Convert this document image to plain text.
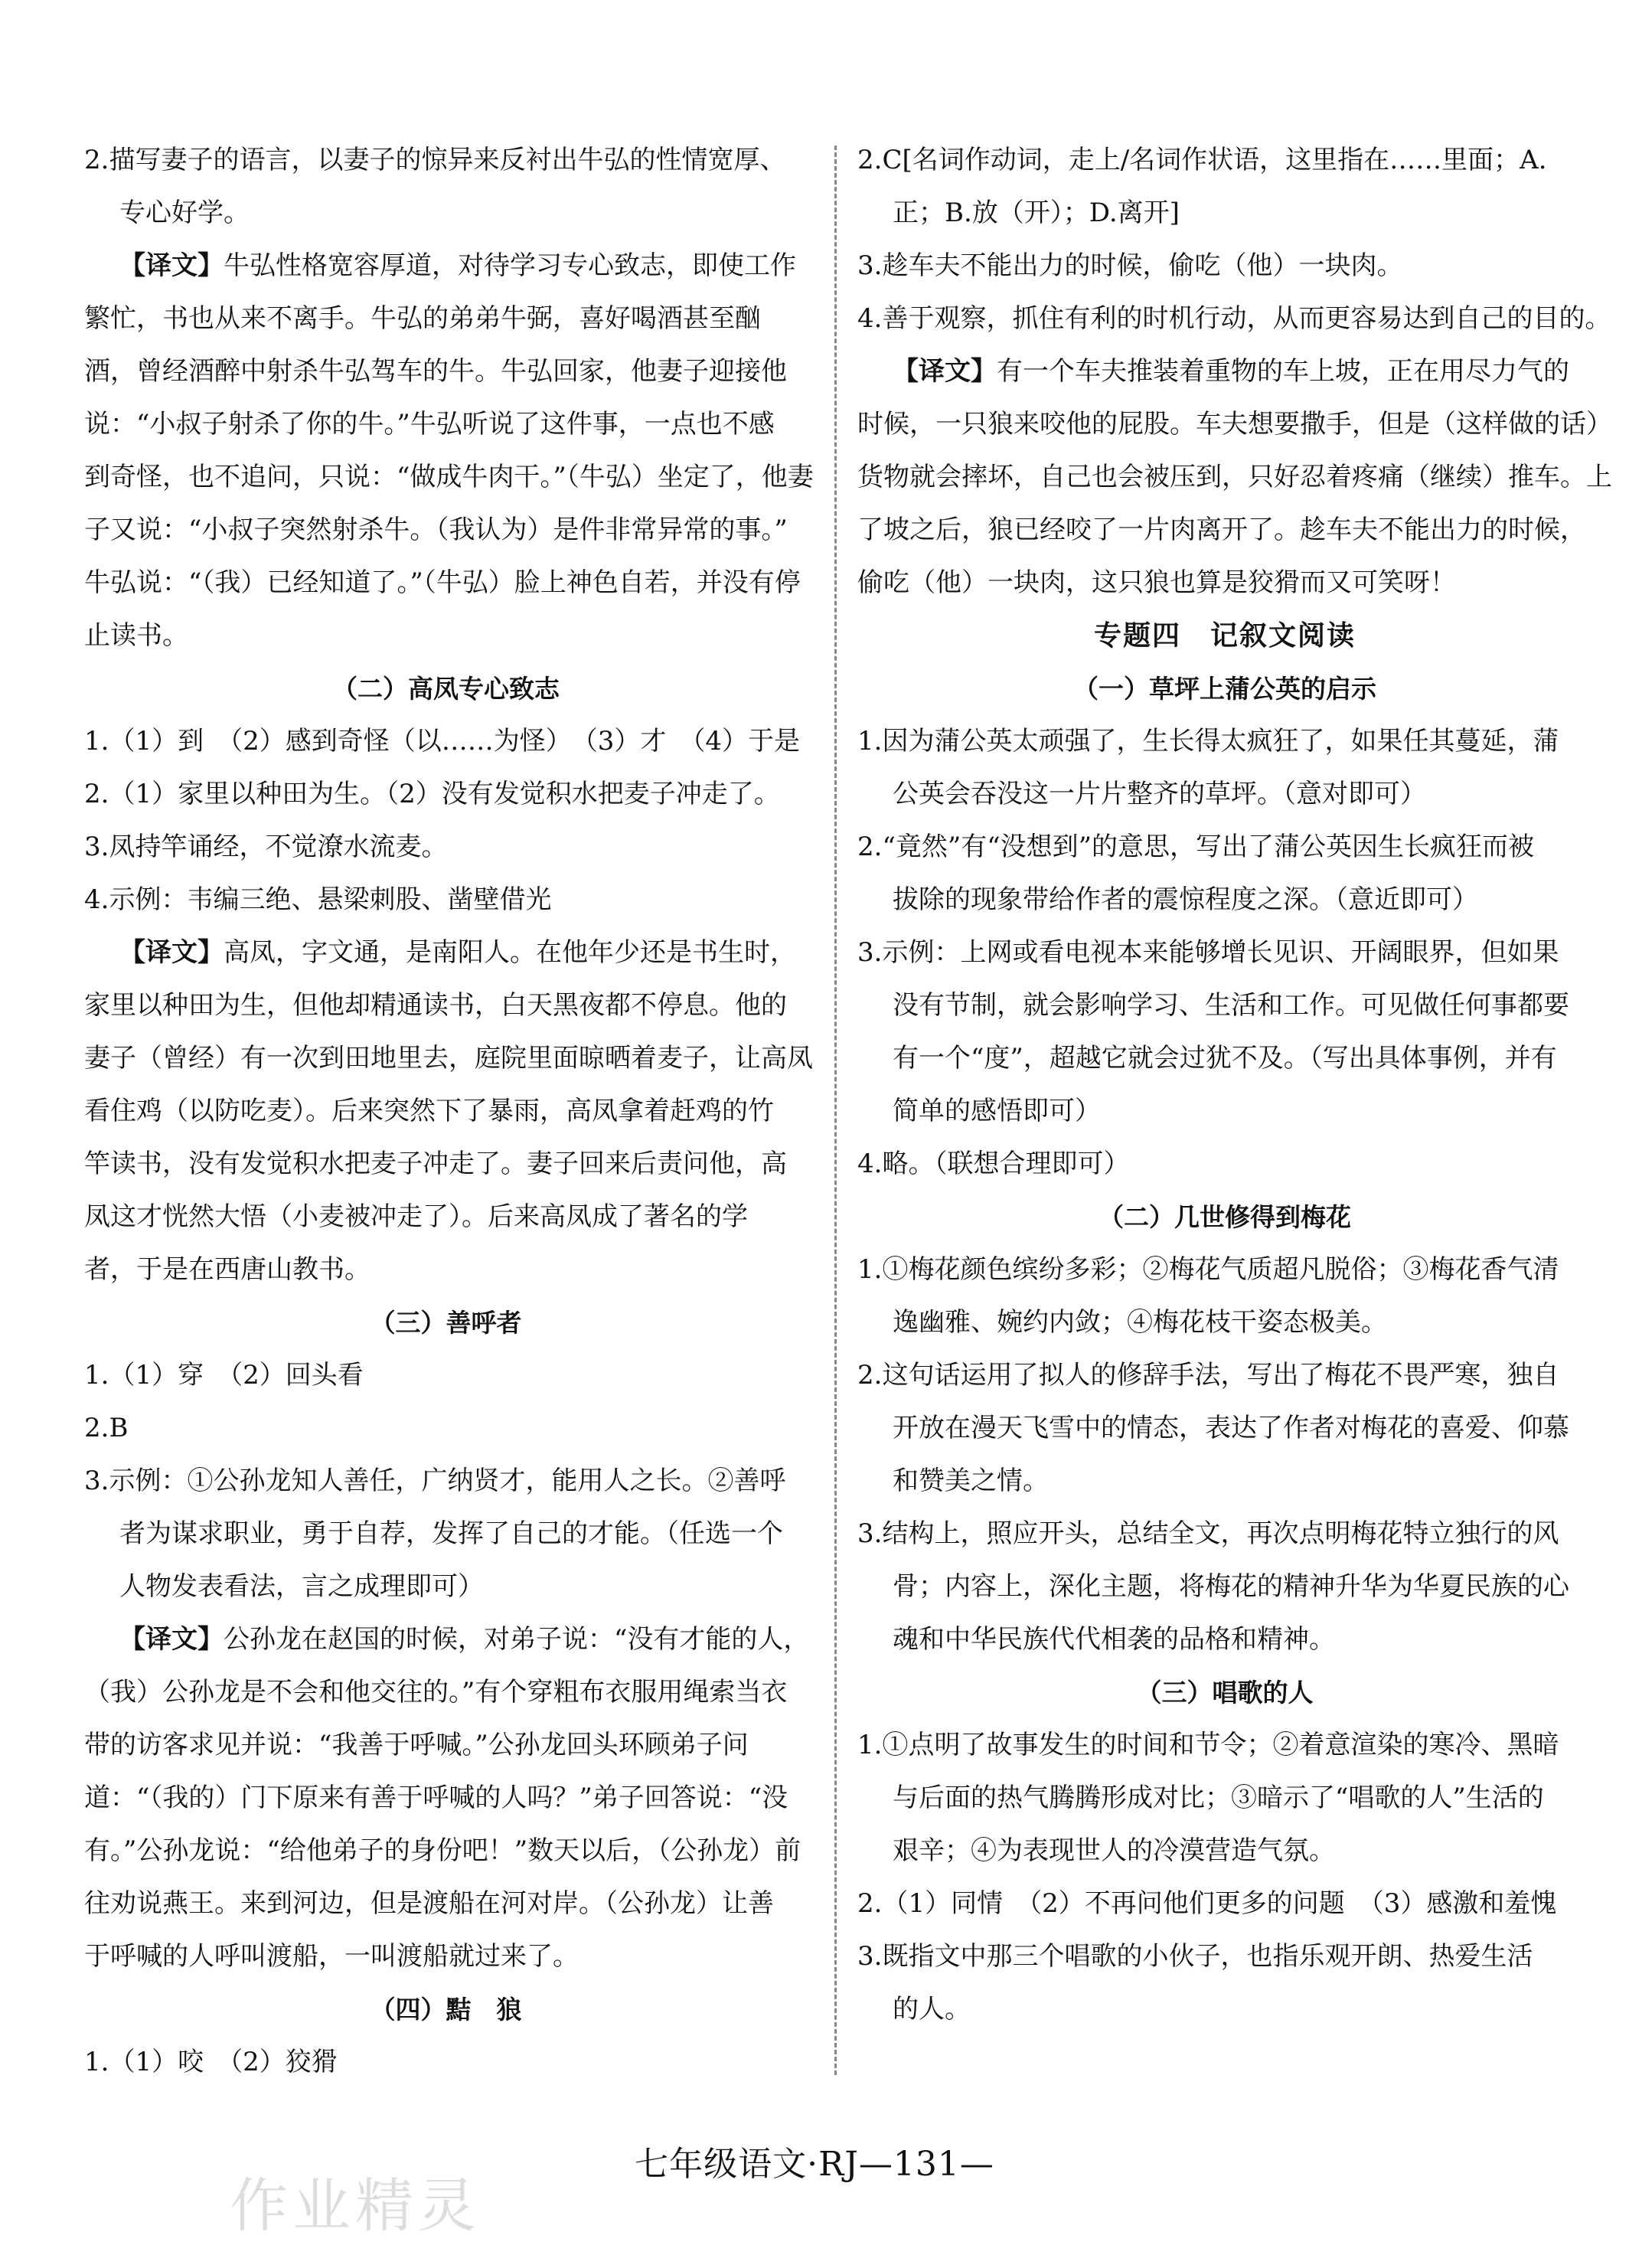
2.描写妻子的语言，以妻子的惊异来反衬出牛弘的性情宽厚、
专心好学。
【译文】牛弘性格宽容厚道，对待学习专心致志，即使工作
繁忙，书也从来不离手。牛弘的弟弟牛弼，喜好喝酒甚至酗
酒，曾经酒醉中射杀牛弘驾车的牛。牛弘回家，他妻子迎接他
说：“小叔子射杀了你的牛。”牛弘听说了这件事，一点也不感
到奇怪，也不追问，只说：“做成牛肉干。”（牛弘）坐定了，他妻
子又说：“小叔子突然射杀牛。（我认为）是件非常异常的事。”
牛弘说：“（我）已经知道了。”（牛弘）脸上神色自若，并没有停
止读书。
（二）高凤专心致志
1.（1）到　（2）感到奇怪（以……为怪）　（3）才　（4）于是
2.（1）家里以种田为生。（2）没有发觉积水把麦子冲走了。
3.凤持竿诵经，不觉潦水流麦。
4.示例：韦编三绝、悬梁刺股、凿壁借光
【译文】高凤，字文通，是南阳人。在他年少还是书生时，
家里以种田为生，但他却精通读书，白天黑夜都不停息。他的
妻子（曾经）有一次到田地里去，庭院里面晾晒着麦子，让高凤
看住鸡（以防吃麦）。后来突然下了暴雨，高凤拿着赶鸡的竹
竿读书，没有发觉积水把麦子冲走了。妻子回来后责问他，高
凤这才恍然大悟（小麦被冲走了）。后来高凤成了著名的学
者，于是在西唐山教书。
（三）善呼者
1.（1）穿　（2）回头看
2.B
3.示例：①公孙龙知人善任，广纳贤才，能用人之长。②善呼
者为谋求职业，勇于自荐，发挥了自己的才能。（任选一个
人物发表看法，言之成理即可）
【译文】公孙龙在赵国的时候，对弟子说：“没有才能的人，
（我）公孙龙是不会和他交往的。”有个穿粗布衣服用绳索当衣
带的访客求见并说：“我善于呼喊。”公孙龙回头环顾弟子问
道：“（我的）门下原来有善于呼喊的人吗？”弟子回答说：“没
有。”公孙龙说：“给他弟子的身份吧！”数天以后，（公孙龙）前
往劝说燕王。来到河边，但是渡船在河对岸。（公孙龙）让善
于呼喊的人呼叫渡船，一叫渡船就过来了。
（四）黠　狼
1.（1）咬　（2）狡猾
2.C[名词作动词，走上/名词作状语，这里指在……里面；A.
正；B.放（开）；D.离开]
3.趁车夫不能出力的时候，偷吃（他）一块肉。
4.善于观察，抓住有利的时机行动，从而更容易达到自己的目的。
【译文】有一个车夫推装着重物的车上坡，正在用尽力气的
时候，一只狼来咬他的屁股。车夫想要撒手，但是（这样做的话）
货物就会摔坏，自己也会被压到，只好忍着疼痛（继续）推车。上
了坡之后，狼已经咬了一片肉离开了。趁车夫不能出力的时候，
偷吃（他）一块肉，这只狼也算是狡猾而又可笑呀！
专题四　记叙文阅读
（一）草坪上蒲公英的启示
1.因为蒲公英太顽强了，生长得太疯狂了，如果任其蔓延，蒲
公英会吞没这一片片整齐的草坪。（意对即可）
2.“竟然”有“没想到”的意思，写出了蒲公英因生长疯狂而被
拔除的现象带给作者的震惊程度之深。（意近即可）
3.示例：上网或看电视本来能够增长见识、开阔眼界，但如果
没有节制，就会影响学习、生活和工作。可见做任何事都要
有一个“度”，超越它就会过犹不及。（写出具体事例，并有
简单的感悟即可）
4.略。（联想合理即可）
（二）几世修得到梅花
1.①梅花颜色缤纷多彩；②梅花气质超凡脱俗；③梅花香气清
逸幽雅、婉约内敛；④梅花枝干姿态极美。
2.这句话运用了拟人的修辞手法，写出了梅花不畏严寒，独自
开放在漫天飞雪中的情态，表达了作者对梅花的喜爱、仰慕
和赞美之情。
3.结构上，照应开头，总结全文，再次点明梅花特立独行的风
骨；内容上，深化主题，将梅花的精神升华为华夏民族的心
魂和中华民族代代相袭的品格和精神。
（三）唱歌的人
1.①点明了故事发生的时间和节令；②着意渲染的寒冷、黑暗
与后面的热气腾腾形成对比；③暗示了“唱歌的人”生活的
艰辛；④为表现世人的冷漠营造气氛。
2.（1）同情　（2）不再问他们更多的问题　（3）感激和羞愧
3.既指文中那三个唱歌的小伙子，也指乐观开朗、热爱生活
的人。
七年级语文·RJ—131—
作业精灵
